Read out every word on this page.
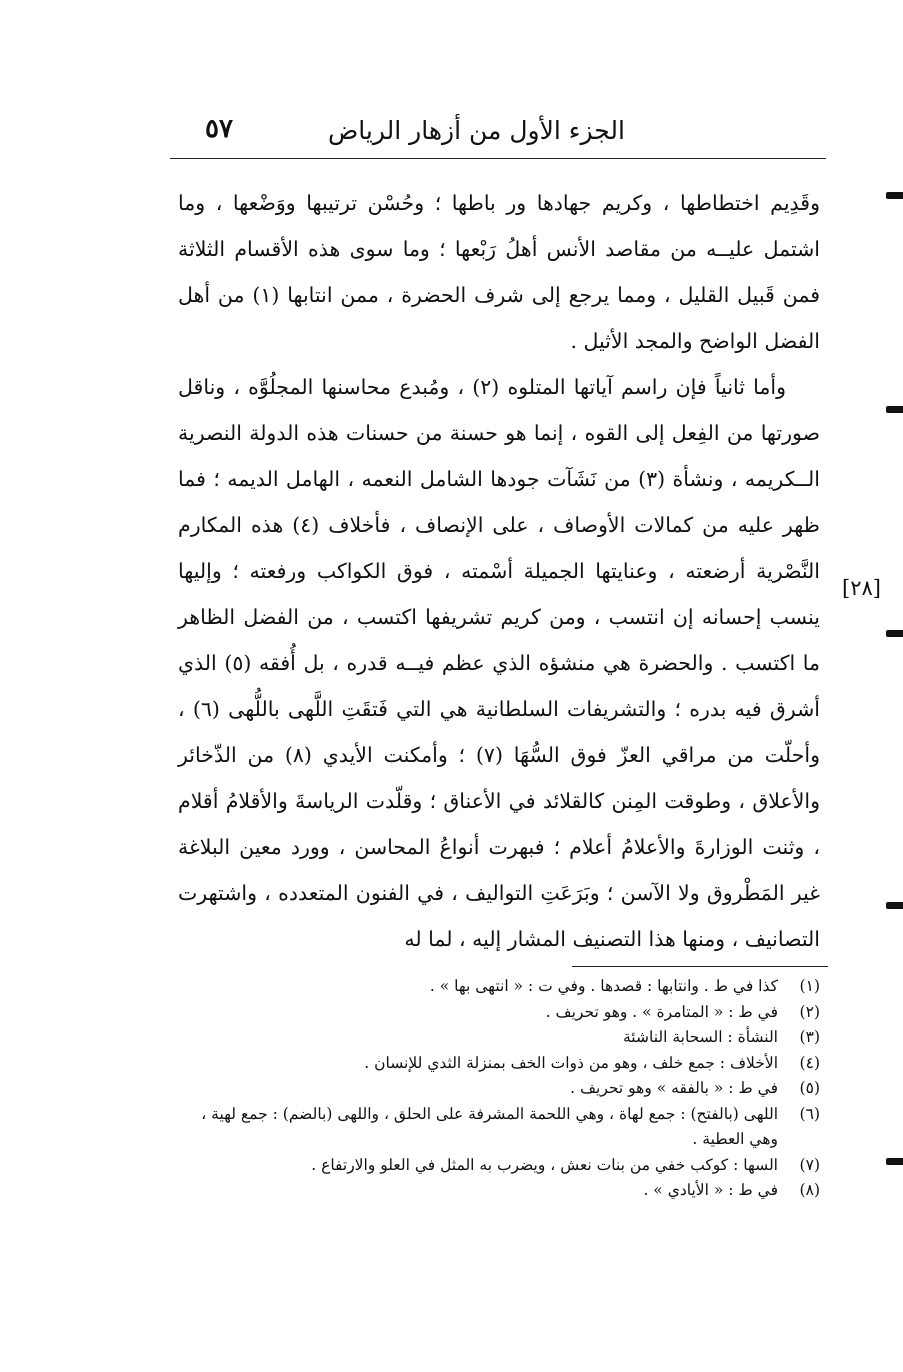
الجزء الأول من أزهار الرياض
٥٧

وقَدِيم اختطاطها ، وكريم جهادها ور باطها ؛ وحُسْن ترتيبها ووَضْعها ، وما اشتمل عليــه من مقاصد الأنس أهلُ رَبْعها ؛ وما سوى هذه الأقسام الثلاثة فمن قَبيل القليل ، ومما يرجع إلى شرف الحضرة ، ممن انتابها (١) من أهل الفضل الواضح والمجد الأثيل .

وأما ثانياً فإن راسم آياتها المتلوه (٢) ، ومُبدع محاسنها المجلُوَّه ، وناقل صورتها من الفِعل إلى القوه ، إنما هو حسنة من حسنات هذه الدولة النصرية الــكريمه ، ونشأة (٣) من نَشَآت جودها الشامل النعمه ، الهامل الديمه ؛ فما ظهر عليه من كمالات الأوصاف ، على الإنصاف ، فأخلاف (٤) هذه المكارم النَّصْرية أرضعته ، وعنايتها الجميلة أسْمته ، فوق الكواكب ورفعته ؛ وإليها ينسب إحسانه إن انتسب ، ومن كريم تشريفها اكتسب ، من الفضل الظاهر ما اكتسب . والحضرة هي منشؤه الذي عظم فيــه قدره ، بل أُفقه (٥) الذي أشرق فيه بدره ؛ والتشريفات السلطانية هي التي فَتقَتِ اللَّهى باللُّهى (٦) ، وأحلّت من مراقي العزّ فوق السُّهَا (٧) ؛ وأمكنت الأيدي (٨) من الذّخائر والأعلاق ، وطوقت المِنن كالقلائد في الأعناق ؛ وقلّدت الرياسةَ والأقلامُ أقلام ، وثنت الوزارةَ والأعلامُ أعلام ؛ فبهرت أنواعُ المحاسن ، وورد معين البلاغة غير المَطْروق ولا الآسن ؛ وبَرَعَتِ التواليف ، في الفنون المتعدده ، واشتهرت التصانيف ، ومنها هذا التصنيف المشار إليه ، لما له

[٢٨]

(١)
كذا في ط . وانتابها : قصدها . وفي ت : « انتهى بها » .

(٢)
في ط : « المتامرة » . وهو تحريف .

(٣)
النشأة : السحابة الناشئة

(٤)
الأخلاف : جمع خلف ، وهو من ذوات الخف بمنزلة الثدي للإنسان .

(٥)
في ط : « بالفقه » وهو تحريف .

(٦)
اللهى (بالفتح) : جمع لهاة ، وهي اللحمة المشرفة على الحلق ، واللهى (بالضم) : جمع لهية ، وهي العطية .

(٧)
السها : كوكب خفي من بنات نعش ، ويضرب به المثل في العلو والارتفاع .

(٨)
في ط : « الأيادي » .
